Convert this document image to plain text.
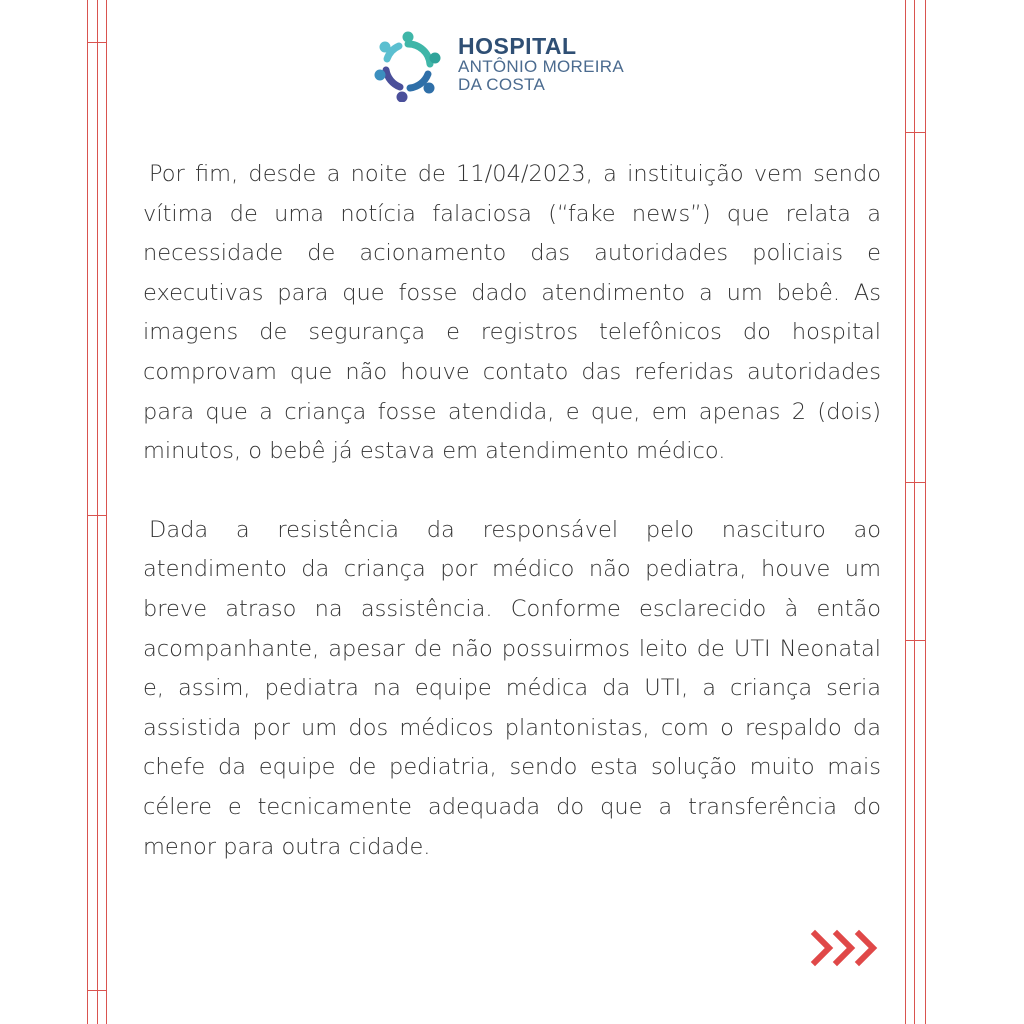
HOSPITAL
ANTÔNIO MOREIRA
DA COSTA

Por fim, desde a noite de 11/04/2023, a instituição vem sendo vítima de uma notícia falaciosa (“fake news”) que relata a necessidade de acionamento das autoridades policiais e executivas para que fosse dado atendimento a um bebê. As imagens de segurança e registros telefônicos do hospital comprovam que não houve contato das referidas autoridades para que a criança fosse atendida, e que, em apenas 2 (dois) minutos, o bebê já estava em atendimento médico.

Dada a resistência da responsável pelo nascituro ao atendimento da criança por médico não pediatra, houve um breve atraso na assistência. Conforme esclarecido à então acompanhante, apesar de não possuirmos leito de UTI Neonatal e, assim, pediatra na equipe médica da UTI, a criança seria assistida por um dos médicos plantonistas, com o respaldo da chefe da equipe de pediatria, sendo esta solução muito mais célere e tecnicamente adequada do que a transferência do menor para outra cidade.
